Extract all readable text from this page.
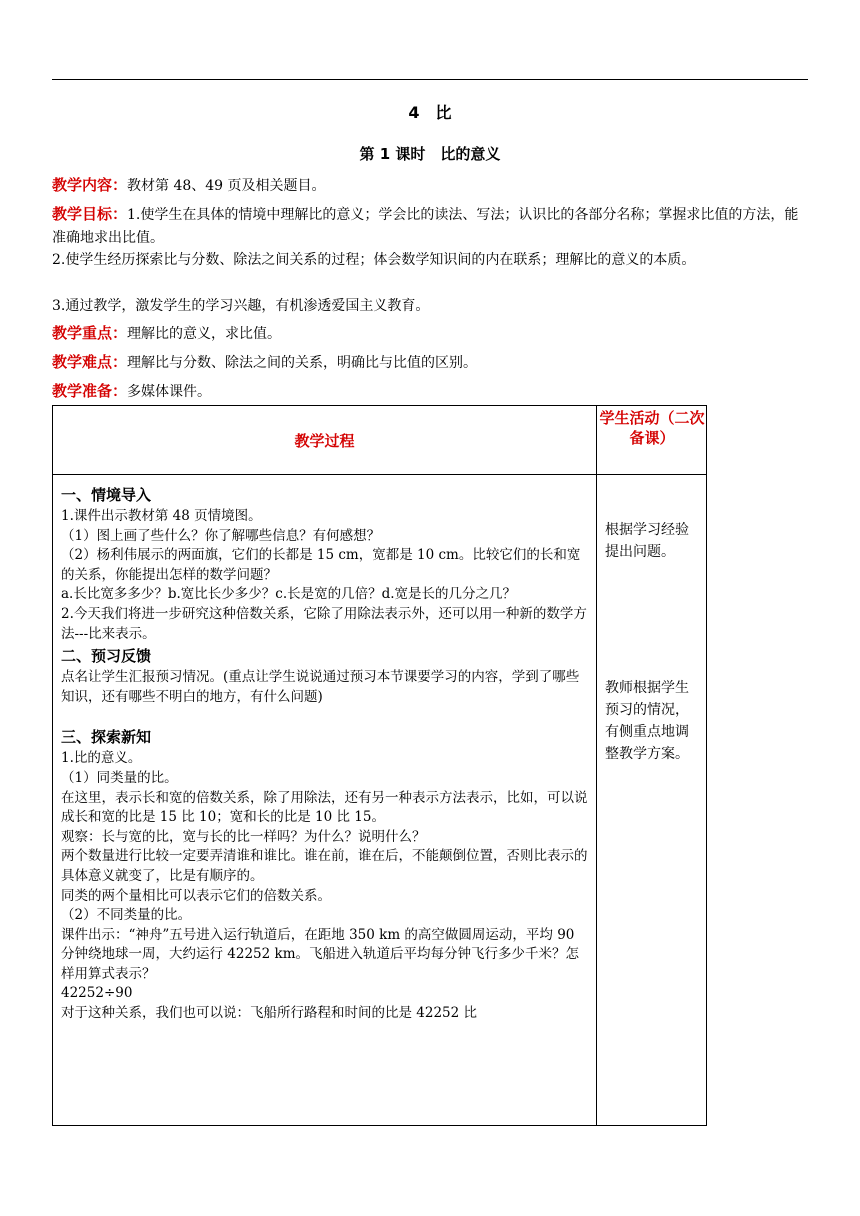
4　比
第 1 课时　比的意义
教学内容：教材第 48、49 页及相关题目。
教学目标：1.使学生在具体的情境中理解比的意义；学会比的读法、写法；认识比的各部分名称；掌握求比值的方法，能准确地求出比值。
2.使学生经历探索比与分数、除法之间关系的过程；体会数学知识间的内在联系；理解比的意义的本质。
3.通过教学，激发学生的学习兴趣，有机渗透爱国主义教育。
教学重点：理解比的意义，求比值。
教学难点：理解比与分数、除法之间的关系，明确比与比值的区别。
教学准备：多媒体课件。
教学过程
学生活动（二次备课）
一、情境导入
1.课件出示教材第 48 页情境图。
（1）图上画了些什么？你了解哪些信息？有何感想？
（2）杨利伟展示的两面旗，它们的长都是 15 cm，宽都是 10 cm。比较它们的长和宽的关系，你能提出怎样的数学问题？
a.长比宽多多少？b.宽比长少多少？c.长是宽的几倍？d.宽是长的几分之几？
2.今天我们将进一步研究这种倍数关系，它除了用除法表示外，还可以用一种新的数学方法---比来表示。
二、预习反馈
点名让学生汇报预习情况。(重点让学生说说通过预习本节课要学习的内容，学到了哪些知识，还有哪些不明白的地方，有什么问题)
三、探索新知
1.比的意义。
（1）同类量的比。
在这里，表示长和宽的倍数关系，除了用除法，还有另一种表示方法表示，比如，可以说成长和宽的比是 15 比 10；宽和长的比是 10 比 15。
观察：长与宽的比，宽与长的比一样吗？为什么？说明什么？
两个数量进行比较一定要弄清谁和谁比。谁在前，谁在后，不能颠倒位置，否则比表示的具体意义就变了，比是有顺序的。
同类的两个量相比可以表示它们的倍数关系。
（2）不同类量的比。
课件出示：“神舟”五号进入运行轨道后，在距地 350 km 的高空做圆周运动，平均 90 分钟绕地球一周，大约运行 42252 km。飞船进入轨道后平均每分钟飞行多少千米？怎样用算式表示？
42252÷90
对于这种关系，我们也可以说：飞船所行路程和时间的比是 42252 比
根据学习经验提出问题。
教师根据学生预习的情况，有侧重点地调整教学方案。
